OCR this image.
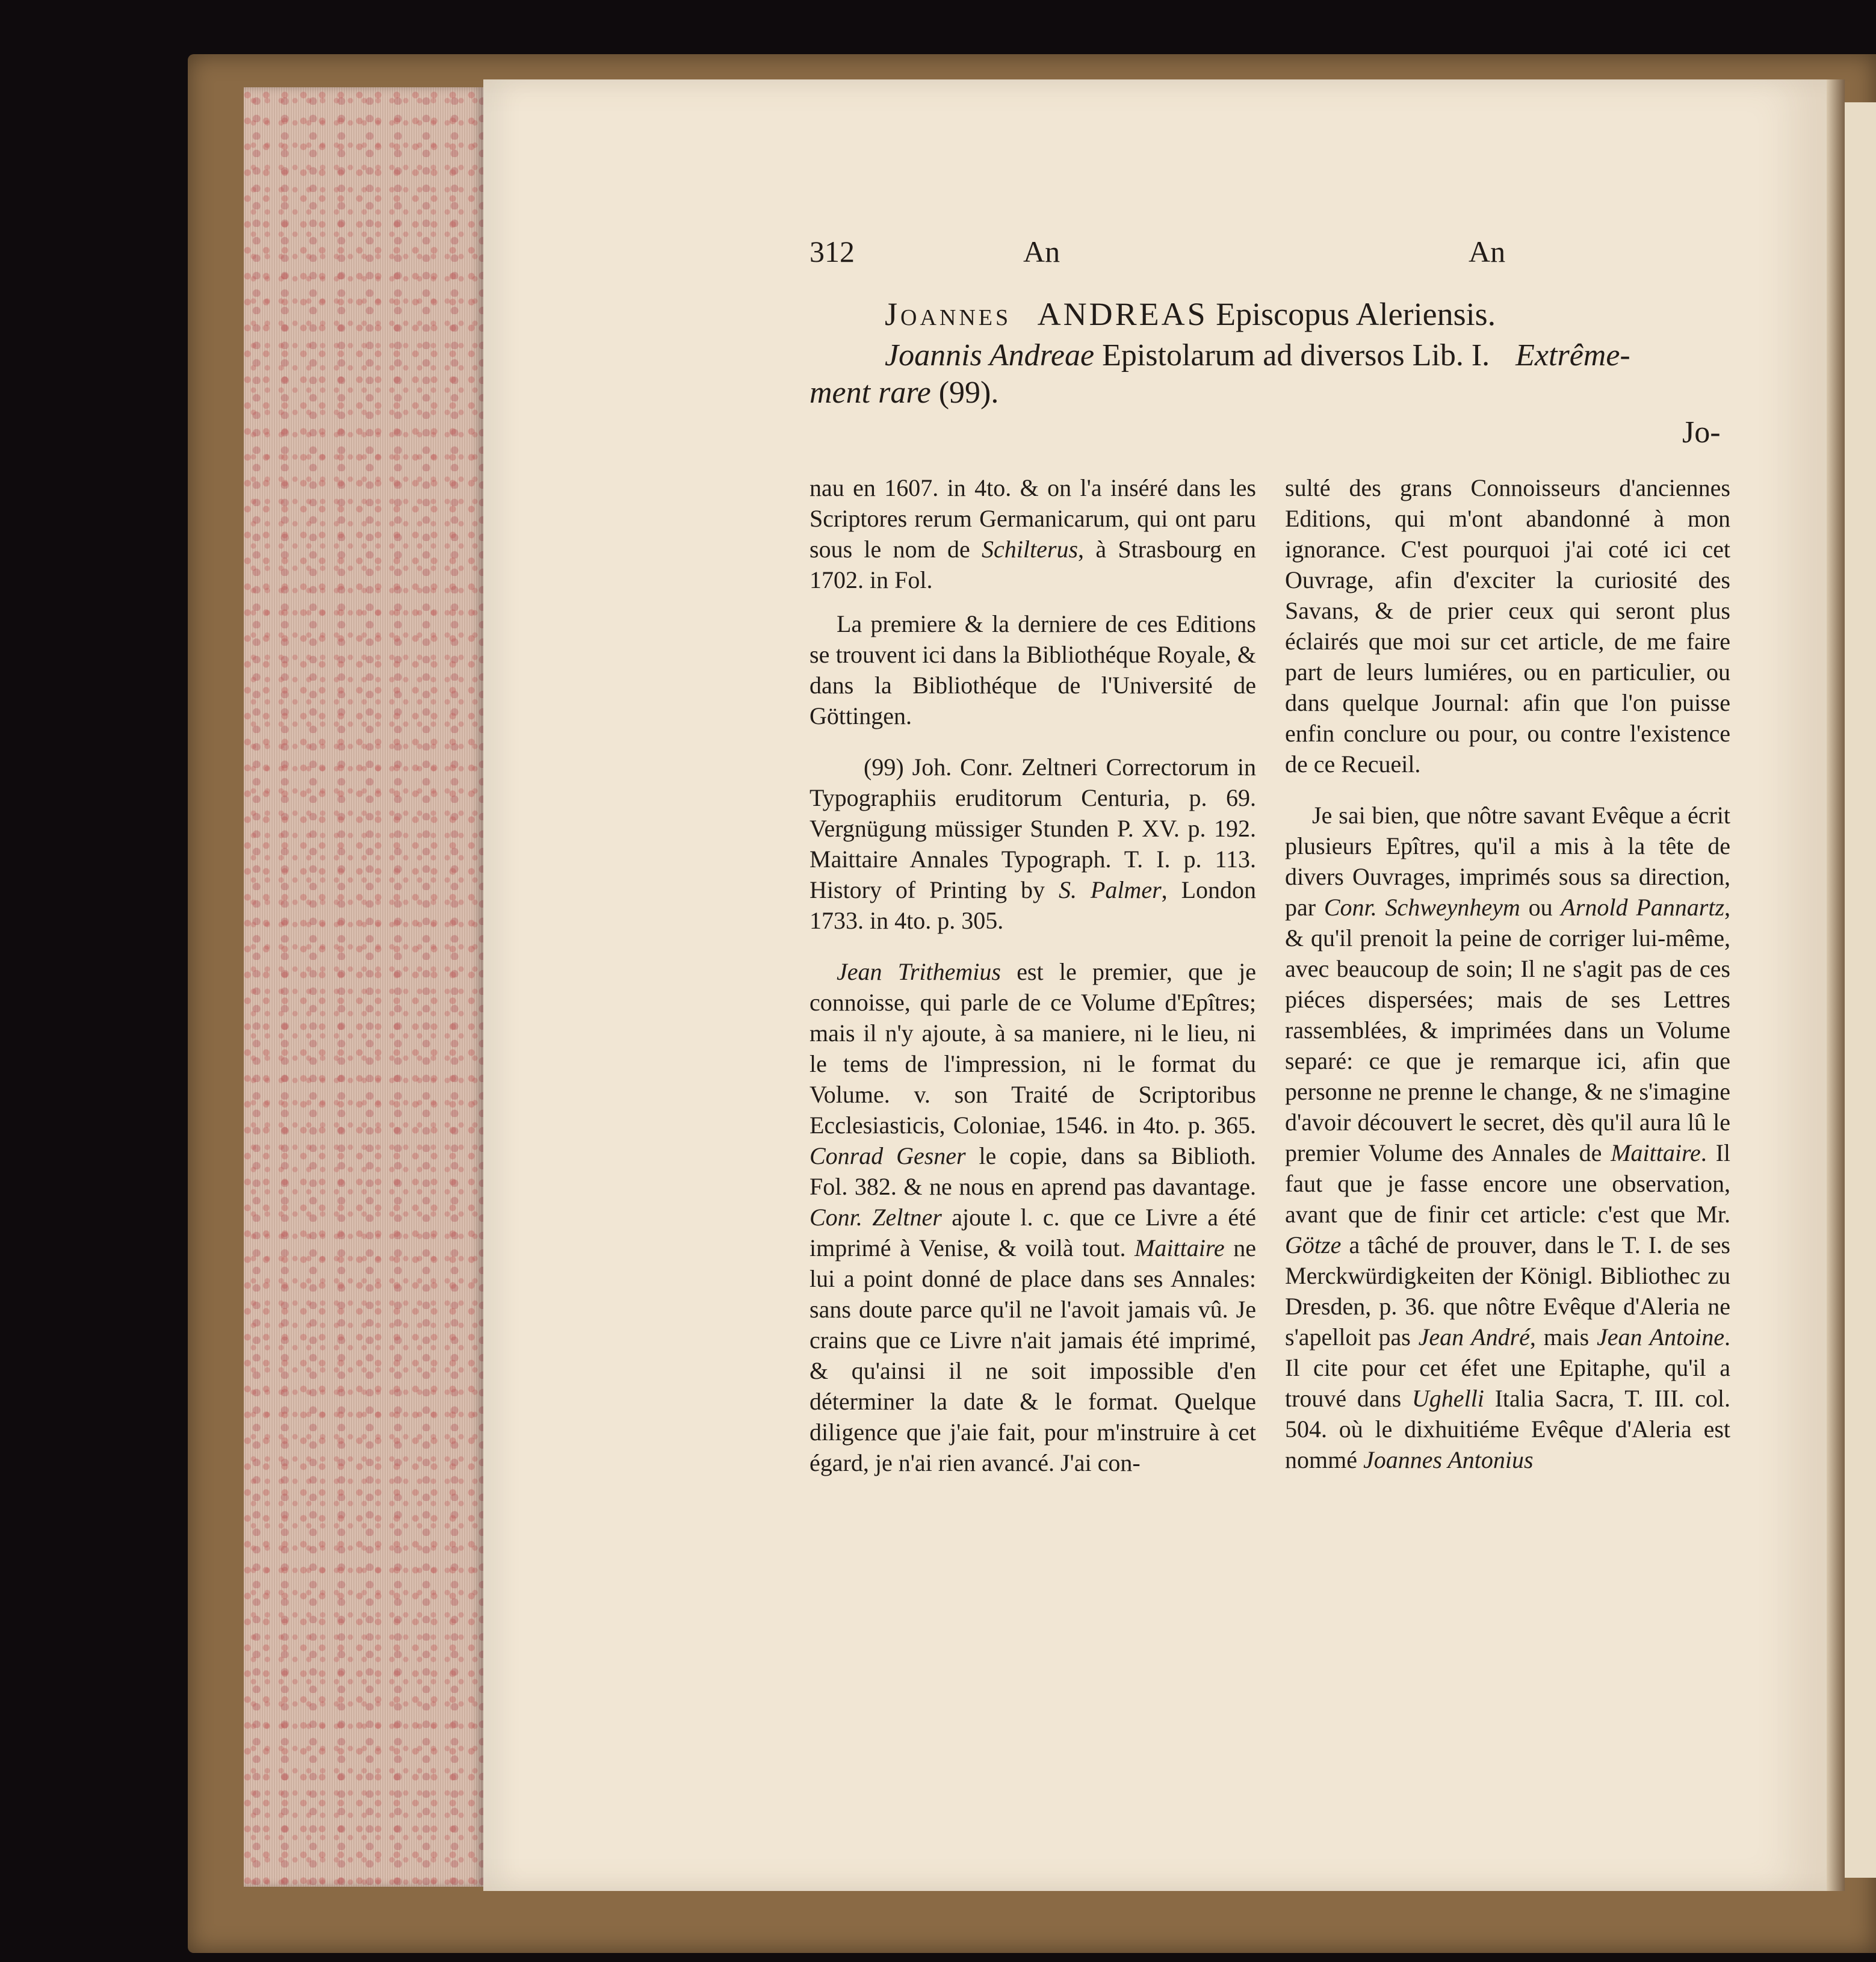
312	An	An
Joannes ANDREAS Episcopus Aleriensis.
Joannis Andreae Epistolarum ad diversos Lib. I. Extrême-
ment rare (99).
Jo-

nau en 1607. in 4to. & on l'a inséré dans les Scriptores rerum Germanicarum, qui ont paru sous le nom de Schilterus, à Strasbourg en 1702. in Fol.

La premiere & la derniere de ces Editions se trouvent ici dans la Bibliothéque Royale, & dans la Bibliothéque de l'Université de Göttingen.

(99) Joh. Conr. Zeltneri Correctorum in Typographiis eruditorum Centuria, p. 69. Vergnügung müssiger Stunden P. XV. p. 192. Maittaire Annales Typograph. T. I. p. 113. History of Printing by S. Palmer, London 1733. in 4to. p. 305.

Jean Trithemius est le premier, que je connoisse, qui parle de ce Volume d'Epîtres; mais il n'y ajoute, à sa maniere, ni le lieu, ni le tems de l'impression, ni le format du Volume. v. son Traité de Scriptoribus Ecclesiasticis, Coloniae, 1546. in 4to. p. 365. Conrad Gesner le copie, dans sa Biblioth. Fol. 382. & ne nous en aprend pas davantage. Conr. Zeltner ajoute l. c. que ce Livre a été imprimé à Venise, & voilà tout. Maittaire ne lui a point donné de place dans ses Annales: sans doute parce qu'il ne l'avoit jamais vû. Je crains que ce Livre n'ait jamais été imprimé, & qu'ainsi il ne soit impossible d'en déterminer la date & le format. Quelque diligence que j'aie fait, pour m'instruire à cet égard, je n'ai rien avancé. J'ai con-

sulté des grans Connoisseurs d'anciennes Editions, qui m'ont abandonné à mon ignorance. C'est pourquoi j'ai coté ici cet Ouvrage, afin d'exciter la curiosité des Savans, & de prier ceux qui seront plus éclairés que moi sur cet article, de me faire part de leurs lumiéres, ou en particulier, ou dans quelque Journal: afin que l'on puisse enfin conclure ou pour, ou contre l'existence de ce Recueil.

Je sai bien, que nôtre savant Evêque a écrit plusieurs Epîtres, qu'il a mis à la tête de divers Ouvrages, imprimés sous sa direction, par Conr. Schweynheym ou Arnold Pannartz, & qu'il prenoit la peine de corriger lui-même, avec beaucoup de soin; Il ne s'agit pas de ces piéces dispersées; mais de ses Lettres rassemblées, & imprimées dans un Volume separé: ce que je remarque ici, afin que personne ne prenne le change, & ne s'imagine d'avoir découvert le secret, dès qu'il aura lû le premier Volume des Annales de Maittaire. Il faut que je fasse encore une observation, avant que de finir cet article: c'est que Mr. Götze a tâché de prouver, dans le T. I. de ses Merckwürdigkeiten der Königl. Bibliothec zu Dresden, p. 36. que nôtre Evêque d'Aleria ne s'apelloit pas Jean André, mais Jean Antoine. Il cite pour cet éfet une Epitaphe, qu'il a trouvé dans Ughelli Italia Sacra, T. III. col. 504. où le dixhuitiéme Evêque d'Aleria est nommé Joannes Antonius
